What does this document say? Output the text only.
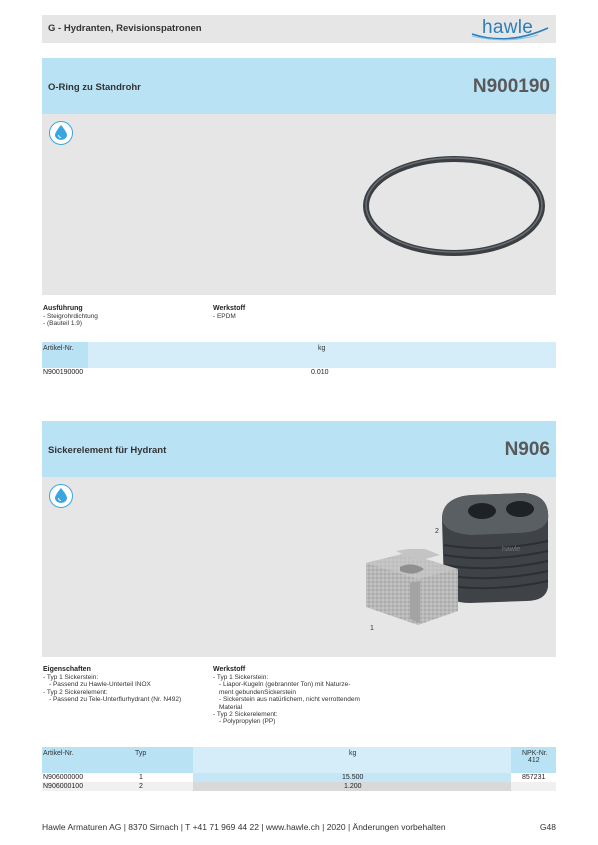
G - Hydranten, Revisionspatronen	hawle
O-Ring zu Standrohr	N900190
Ausführung
- Steigrohrdichtung
- (Bauteil 1.9)
Werkstoff
- EPDM
Artikel-Nr.	kg
N900190000	0.010
Sickerelement für Hydrant	N906
hawle
2
1
Eigenschaften
- Typ 1 Sickerstein:
- Passend zu Hawle-Unterteil INOX
- Typ 2 Sickerelement:
- Passend zu Tele-Unterflurhydrant (Nr. N492)
Werkstoff
- Typ 1 Sickerstein:
- Liapor-Kugeln (gebrannter Ton) mit Naturze-
ment gebundenSickerstein
- Sickerstein aus natürlichem, nicht verrottendem
Material
- Typ 2 Sickerelement:
- Polypropylen (PP)
Artikel-Nr.	Typ	kg	NPK-Nr.
412
N906000000	1	15.500	857231
N906000100	2	1.200
Hawle Armaturen AG | 8370 Sirnach | T +41 71 969 44 22 | www.hawle.ch | 2020 | Änderungen vorbehalten	G48
